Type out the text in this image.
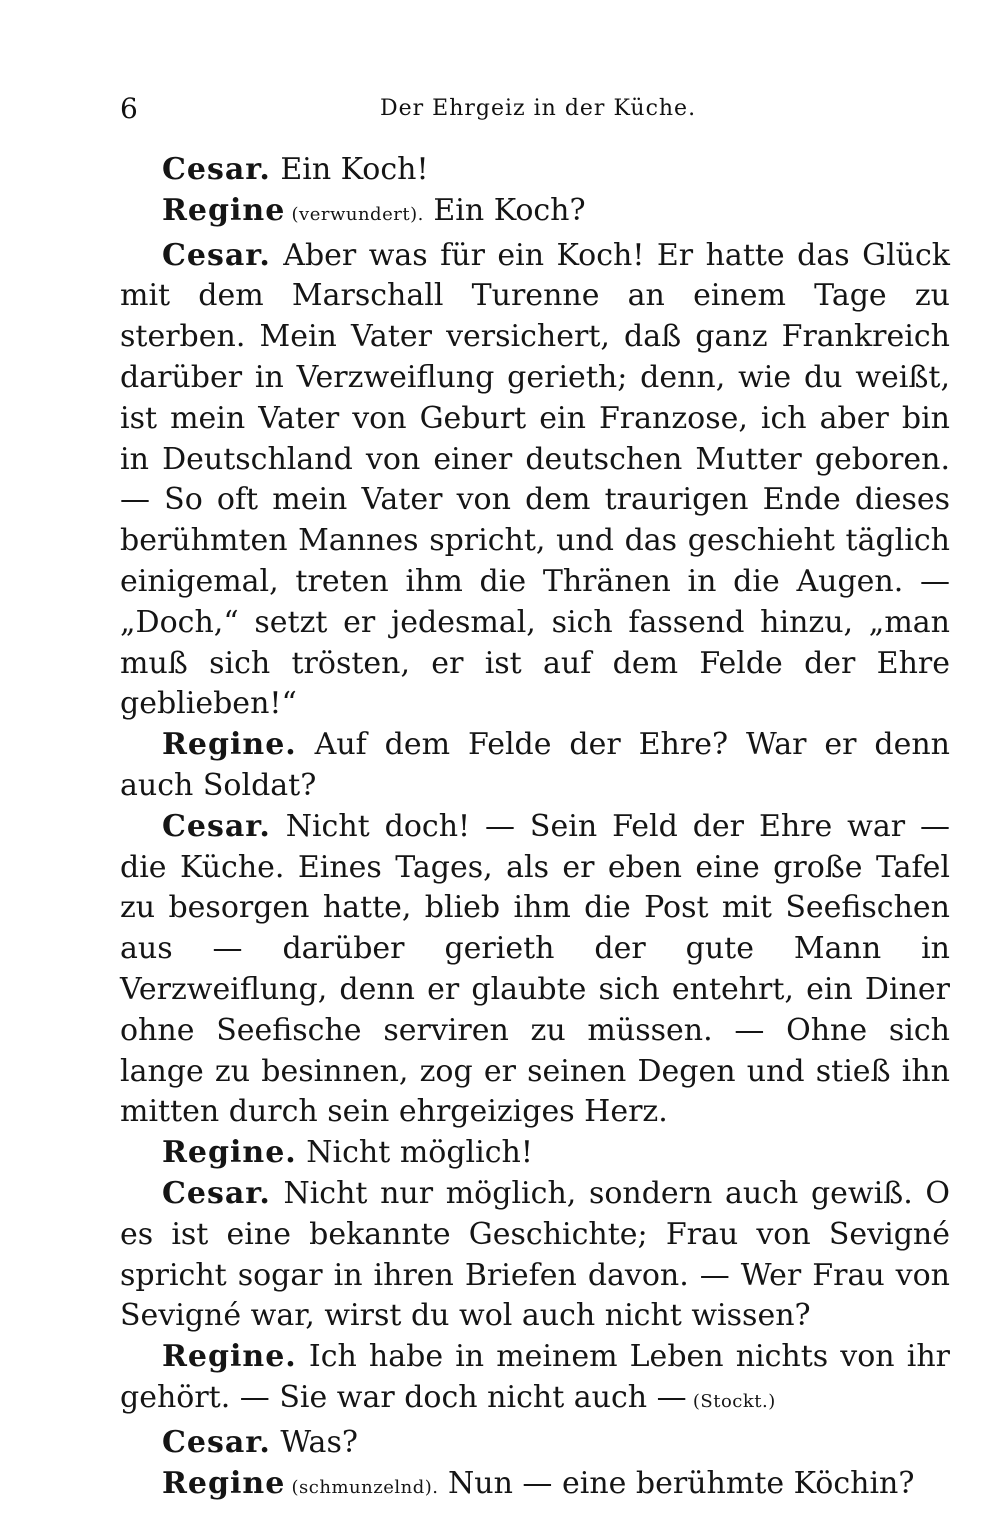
6	Der Ehrgeiz in der Küche.

Cesar. Ein Koch!

Regine (verwundert). Ein Koch?

Cesar. Aber was für ein Koch! Er hatte das Glück mit dem Marschall Turenne an einem Tage zu sterben. Mein Vater versichert, daß ganz Frankreich darüber in Verzweiflung gerieth; denn, wie du weißt, ist mein Vater von Geburt ein Franzose, ich aber bin in Deutschland von einer deutschen Mutter geboren. — So oft mein Vater von dem traurigen Ende dieses berühmten Mannes spricht, und das geschieht täglich einigemal, treten ihm die Thränen in die Augen. — „Doch,“ setzt er jedesmal, sich fassend hinzu, „man muß sich trösten, er ist auf dem Felde der Ehre geblieben!“

Regine. Auf dem Felde der Ehre? War er denn auch Soldat?

Cesar. Nicht doch! — Sein Feld der Ehre war — die Küche. Eines Tages, als er eben eine große Tafel zu besorgen hatte, blieb ihm die Post mit Seefischen aus — darüber gerieth der gute Mann in Verzweiflung, denn er glaubte sich entehrt, ein Diner ohne Seefische serviren zu müssen. — Ohne sich lange zu besinnen, zog er seinen Degen und stieß ihn mitten durch sein ehrgeiziges Herz.

Regine. Nicht möglich!

Cesar. Nicht nur möglich, sondern auch gewiß. O es ist eine bekannte Geschichte; Frau von Sevigné spricht sogar in ihren Briefen davon. — Wer Frau von Sevigné war, wirst du wol auch nicht wissen?

Regine. Ich habe in meinem Leben nichts von ihr gehört. — Sie war doch nicht auch — (Stockt.)

Cesar. Was?

Regine (schmunzelnd). Nun — eine berühmte Köchin?
